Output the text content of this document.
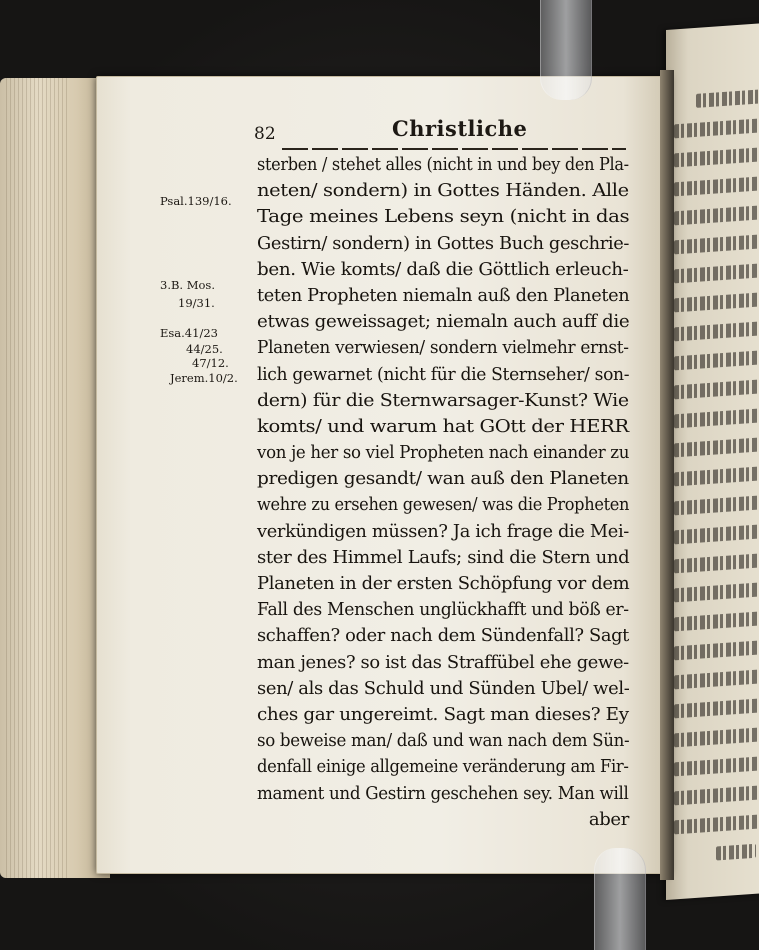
82	Christliche
Psal.139/16.
3.B. Mos.
19/31.
Esa.41/23
44/25.
47/12.
Jerem.10/2.
sterben / stehet alles (nicht in und bey den Pla-
neten/ sondern) in Gottes Händen. Alle
Tage meines Lebens seyn (nicht in das
Gestirn/ sondern) in Gottes Buch geschrie-
ben. Wie komts/ daß die Göttlich erleuch-
teten Propheten niemaln auß den Planeten
etwas geweissaget; niemaln auch auff die
Planeten verwiesen/ sondern vielmehr ernst-
lich gewarnet (nicht für die Sternseher/ son-
dern) für die Sternwarsager-Kunst? Wie
komts/ und warum hat GOtt der HERR
von je her so viel Propheten nach einander zu
predigen gesandt/ wan auß den Planeten
wehre zu ersehen gewesen/ was die Propheten
verkündigen müssen? Ja ich frage die Mei-
ster des Himmel Laufs; sind die Stern und
Planeten in der ersten Schöpfung vor dem
Fall des Menschen unglückhafft und böß er-
schaffen? oder nach dem Sündenfall? Sagt
man jenes? so ist das Straffübel ehe gewe-
sen/ als das Schuld und Sünden Ubel/ wel-
ches gar ungereimt. Sagt man dieses? Ey
so beweise man/ daß und wan nach dem Sün-
denfall einige allgemeine veränderung am Fir-
mament und Gestirn geschehen sey. Man will
aber
